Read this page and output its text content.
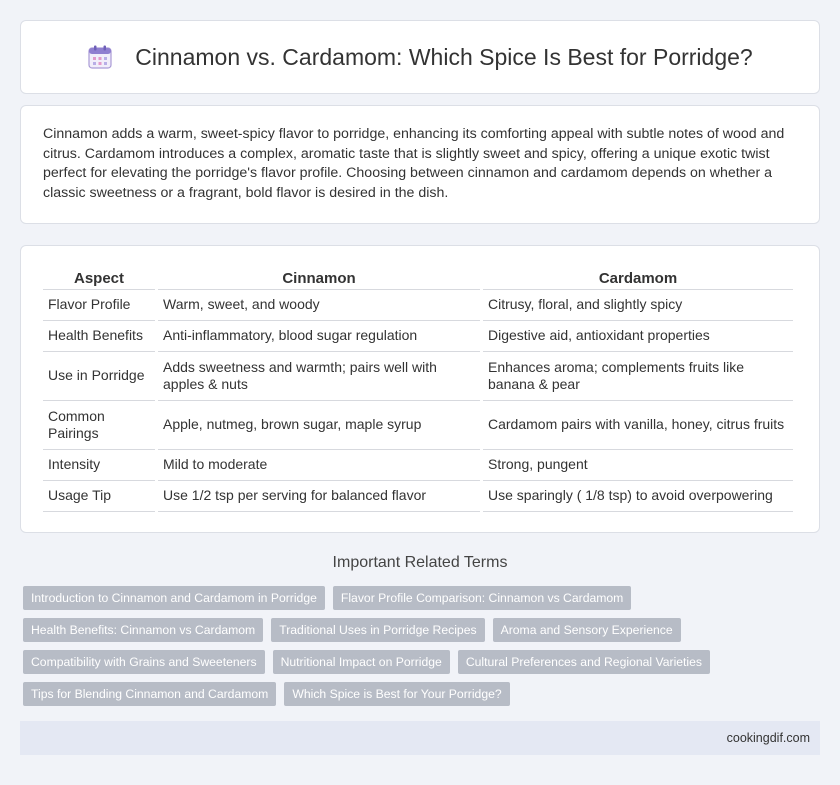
Cinnamon vs. Cardamom: Which Spice Is Best for Porridge?

Cinnamon adds a warm, sweet-spicy flavor to porridge, enhancing its comforting appeal with subtle notes of wood and citrus. Cardamom introduces a complex, aromatic taste that is slightly sweet and spicy, offering a unique exotic twist perfect for elevating the porridge's flavor profile. Choosing between cinnamon and cardamom depends on whether a classic sweetness or a fragrant, bold flavor is desired in the dish.

Aspect	Cinnamon	Cardamom
Flavor Profile	Warm, sweet, and woody	Citrusy, floral, and slightly spicy
Health Benefits	Anti-inflammatory, blood sugar regulation	Digestive aid, antioxidant properties
Use in Porridge	Adds sweetness and warmth; pairs well with apples & nuts	Enhances aroma; complements fruits like banana & pear
Common Pairings	Apple, nutmeg, brown sugar, maple syrup	Cardamom pairs with vanilla, honey, citrus fruits
Intensity	Mild to moderate	Strong, pungent
Usage Tip	Use 1/2 tsp per serving for balanced flavor	Use sparingly ( 1/8 tsp) to avoid overpowering
Important Related Terms
Introduction to Cinnamon and Cardamom in Porridge	Flavor Profile Comparison: Cinnamon vs Cardamom
Health Benefits: Cinnamon vs Cardamom	Traditional Uses in Porridge Recipes	Aroma and Sensory Experience
Compatibility with Grains and Sweeteners	Nutritional Impact on Porridge	Cultural Preferences and Regional Varieties
Tips for Blending Cinnamon and Cardamom	Which Spice is Best for Your Porridge?
cookingdif.com
